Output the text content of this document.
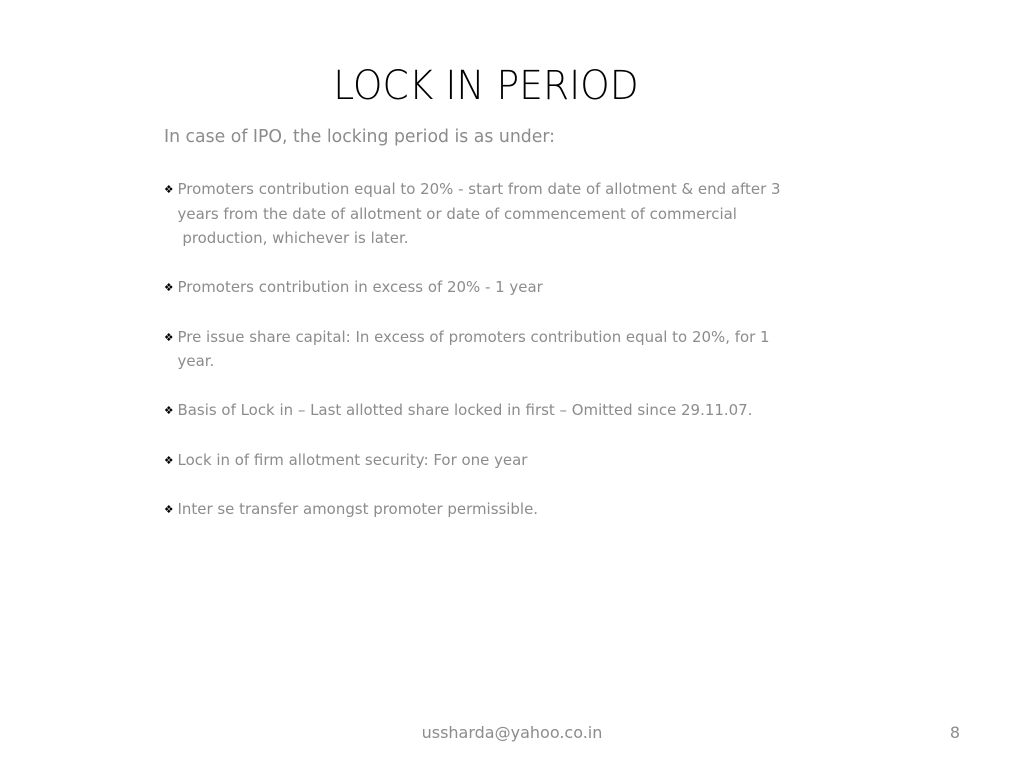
LOCK IN PERIOD
In case of IPO, the locking period is as under:
❖ Promoters contribution equal to 20% - start from date of allotment & end after 3
years from the date of allotment or date of commencement of commercial
production, whichever is later.
❖ Promoters contribution in excess of 20% - 1 year
❖ Pre issue share capital: In excess of promoters contribution equal to 20%, for 1
year.
❖ Basis of Lock in – Last allotted share locked in first – Omitted since 29.11.07.
❖ Lock in of firm allotment security: For one year
❖ Inter se transfer amongst promoter permissible.
ussharda@yahoo.co.in	8
